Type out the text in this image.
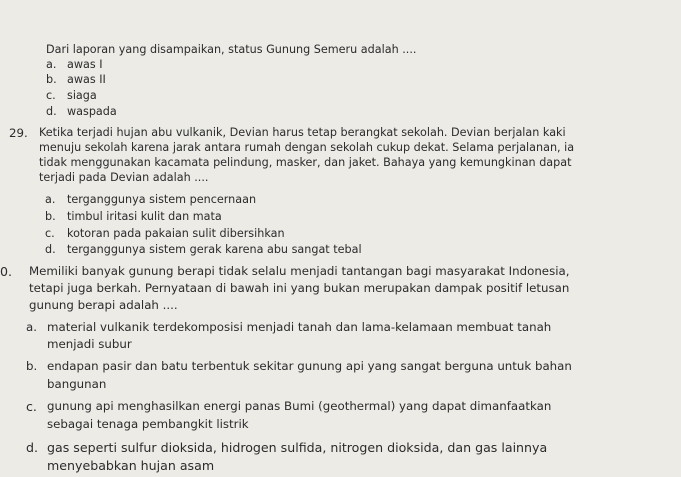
Dari laporan yang disampaikan, status Gunung Semeru adalah ....
a. awas I
b. awas II
c. siaga
d. waspada
29. Ketika terjadi hujan abu vulkanik, Devian harus tetap berangkat sekolah. Devian berjalan kaki
menuju sekolah karena jarak antara rumah dengan sekolah cukup dekat. Selama perjalanan, ia
tidak menggunakan kacamata pelindung, masker, dan jaket. Bahaya yang kemungkinan dapat
terjadi pada Devian adalah ....
a. terganggunya sistem pencernaan
b. timbul iritasi kulit dan mata
c. kotoran pada pakaian sulit dibersihkan
d. terganggunya sistem gerak karena abu sangat tebal
0. Memiliki banyak gunung berapi tidak selalu menjadi tantangan bagi masyarakat Indonesia,
tetapi juga berkah. Pernyataan di bawah ini yang bukan merupakan dampak positif letusan
gunung berapi adalah ....
a. material vulkanik terdekomposisi menjadi tanah dan lama-kelamaan membuat tanah
menjadi subur
b. endapan pasir dan batu terbentuk sekitar gunung api yang sangat berguna untuk bahan
bangunan
c. gunung api menghasilkan energi panas Bumi (geothermal) yang dapat dimanfaatkan
sebagai tenaga pembangkit listrik
d. gas seperti sulfur dioksida, hidrogen sulfida, nitrogen dioksida, dan gas lainnya
menyebabkan hujan asam
